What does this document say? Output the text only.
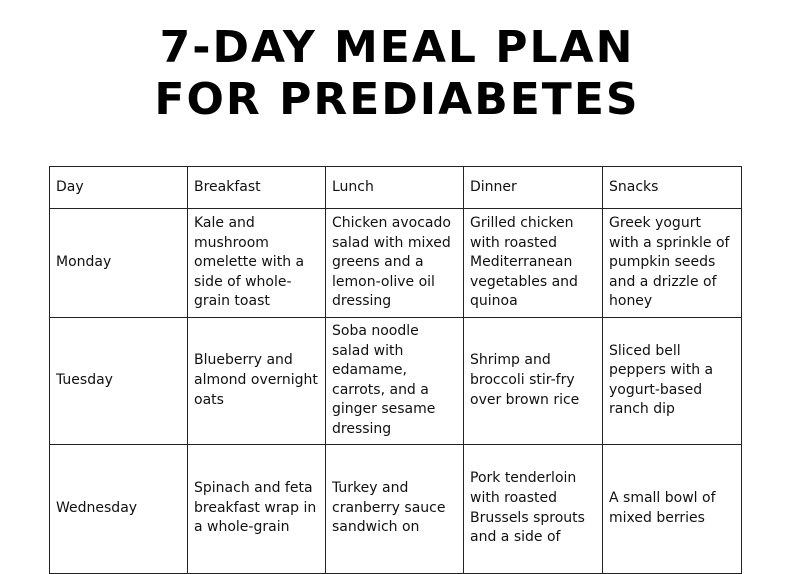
7-DAY MEAL PLAN
FOR PREDIABETES
Day	Breakfast	Lunch	Dinner	Snacks
Monday	Kale and mushroom omelette with a side of whole-grain toast	Chicken avocado salad with mixed greens and a lemon-olive oil dressing	Grilled chicken with roasted Mediterranean vegetables and quinoa	Greek yogurt with a sprinkle of pumpkin seeds and a drizzle of honey
Tuesday	Blueberry and almond overnight oats	Soba noodle salad with edamame, carrots, and a ginger sesame dressing	Shrimp and broccoli stir-fry over brown rice	Sliced bell peppers with a yogurt-based ranch dip
Wednesday	Spinach and feta breakfast wrap in a whole-grain	Turkey and cranberry sauce sandwich on	Pork tenderloin with roasted Brussels sprouts and a side of	A small bowl of mixed berries
